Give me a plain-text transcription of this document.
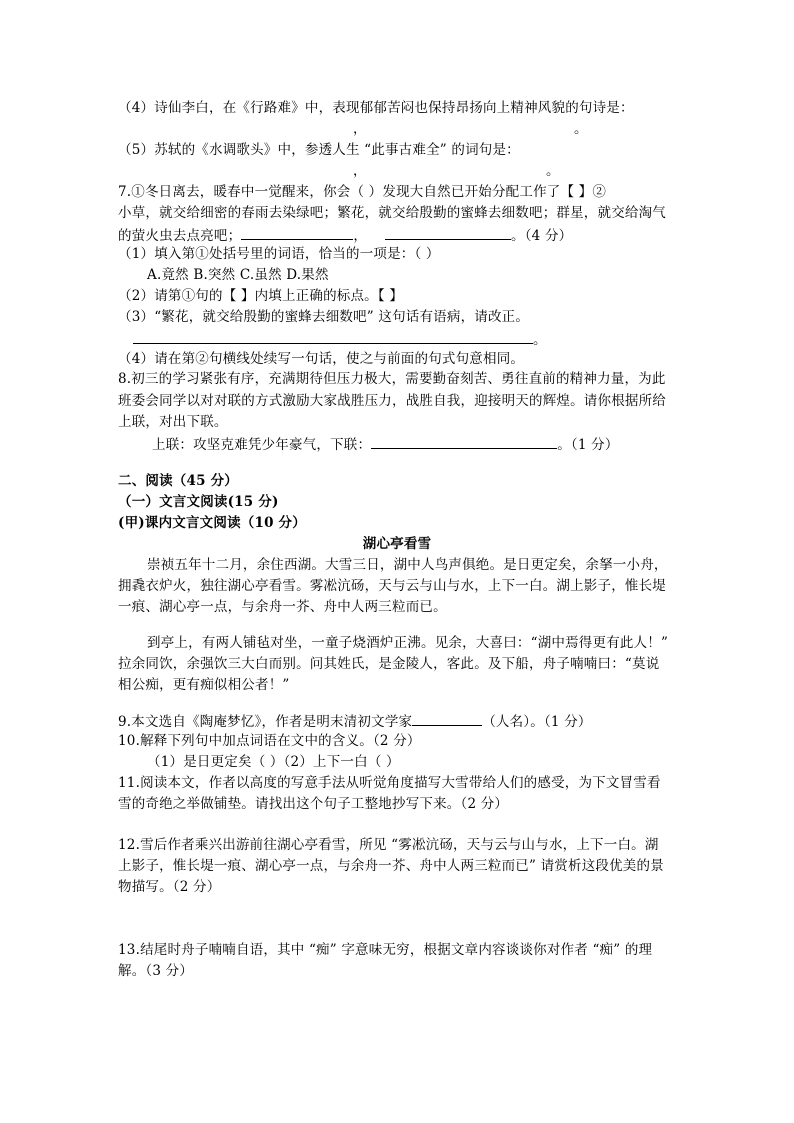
（4）诗仙李白，在《行路难》中，表现郁郁苦闷也保持昂扬向上精神风貌的句诗是：
，	。
（5）苏轼的《水调歌头》中，参透人生 “此事古难全” 的词句是：
，	。
7.①冬日离去，暖春中一觉醒来，你会（ ）发现大自然已开始分配工作了【 】②
小草，就交给细密的春雨去染绿吧；繁花，就交给殷勤的蜜蜂去细数吧；群星，就交给淘气
的萤火虫去点亮吧；	，	。（4 分）
（1）填入第①处括号里的词语，恰当的一项是：（ ）
A.竟然 B.突然 C.虽然 D.果然
（2）请第①句的【 】内填上正确的标点。【 】
（3）“繁花，就交给殷勤的蜜蜂去细数吧” 这句话有语病，请改正。
。
（4）请在第②句横线处续写一句话，使之与前面的句式句意相同。
8.初三的学习紧张有序，充满期待但压力极大，需要勤奋刻苦、勇往直前的精神力量，为此
班委会同学以对对联的方式激励大家战胜压力，战胜自我，迎接明天的辉煌。请你根据所给
上联，对出下联。
上联：攻坚克难凭少年豪气，下联：	。（1 分）
二、阅读（45 分）
（一）文言文阅读(15 分)
(甲)课内文言文阅读（10 分）
湖心亭看雪
崇祯五年十二月，余住西湖。大雪三日，湖中人鸟声俱绝。是日更定矣，余拏一小舟，
拥毳衣炉火，独往湖心亭看雪。雾凇沆砀，天与云与山与水，上下一白。湖上影子，惟长堤
一痕、湖心亭一点，与余舟一芥、舟中人两三粒而已。
到亭上，有两人铺毡对坐，一童子烧酒炉正沸。见余，大喜曰：“湖中焉得更有此人！”
拉余同饮，余强饮三大白而别。问其姓氏，是金陵人，客此。及下船，舟子喃喃曰：“莫说
相公痴，更有痴似相公者！”
9.本文选自《陶庵梦忆》，作者是明末清初文学家	（人名）。（1 分）
10.解释下列句中加点词语在文中的含义。（2 分）
（1）是日更定矣（ ）（2）上下一白（ ）
11.阅读本文，作者以高度的写意手法从听觉角度描写大雪带给人们的感受，为下文冒雪看
雪的奇绝之举做铺垫。请找出这个句子工整地抄写下来。（2 分）
12.雪后作者乘兴出游前往湖心亭看雪，所见 “雾凇沆砀，天与云与山与水，上下一白。湖
上影子，惟长堤一痕、湖心亭一点，与余舟一芥、舟中人两三粒而已” 请赏析这段优美的景
物描写。（2 分）
13.结尾时舟子喃喃自语，其中 “痴” 字意味无穷，根据文章内容谈谈你对作者 “痴” 的理
解。（3 分）
